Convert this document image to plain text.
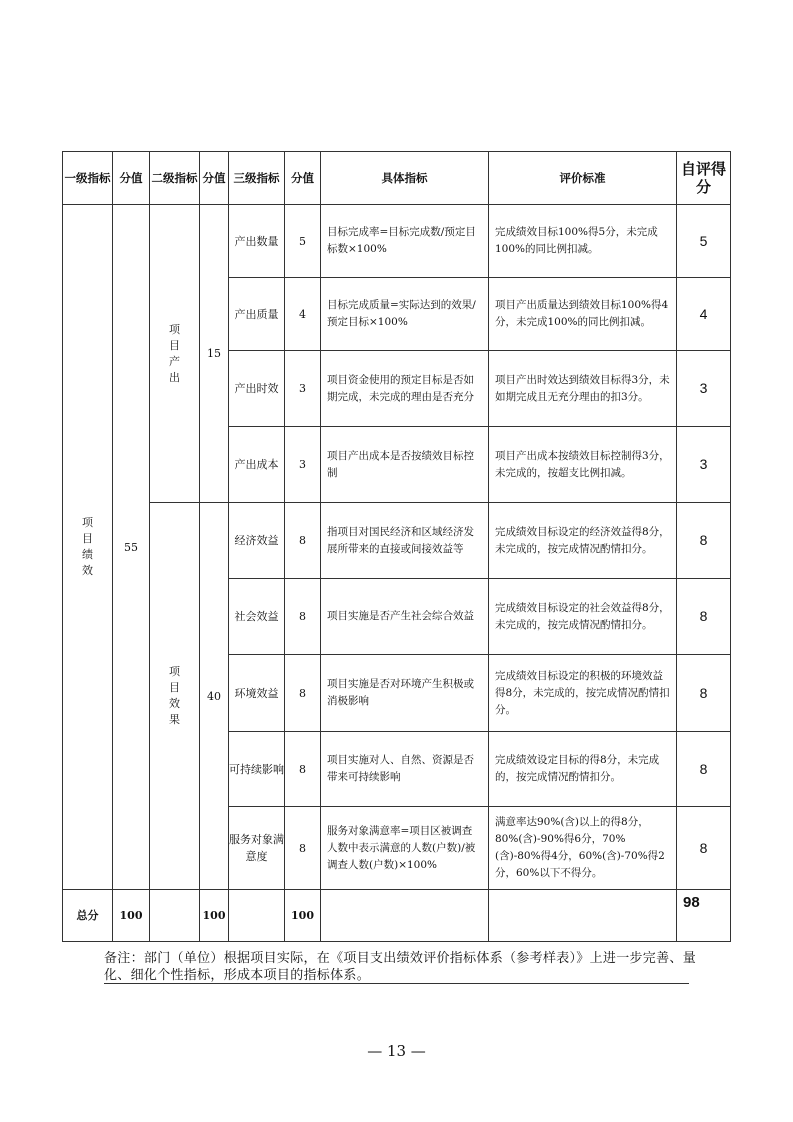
一级指标	分值	二级指标	分值	三级指标	分值	具体指标	评价标准	自评得分
项目绩效	55	项目产出	15	产出数量	5	目标完成率=目标完成数/预定目标数×100%	完成绩效目标100%得5分，未完成100%的同比例扣减。	5
				产出质量	4	目标完成质量=实际达到的效果/预定目标×100%	项目产出质量达到绩效目标100%得4分，未完成100%的同比例扣减。	4
				产出时效	3	项目资金使用的预定目标是否如期完成，未完成的理由是否充分	项目产出时效达到绩效目标得3分，未如期完成且无充分理由的扣3分。	3
				产出成本	3	项目产出成本是否按绩效目标控制	项目产出成本按绩效目标控制得3分，未完成的，按超支比例扣减。	3
		项目效果	40	经济效益	8	指项目对国民经济和区域经济发展所带来的直接或间接效益等	完成绩效目标设定的经济效益得8分，未完成的，按完成情况酌情扣分。	8
				社会效益	8	项目实施是否产生社会综合效益	完成绩效目标设定的社会效益得8分，未完成的，按完成情况酌情扣分。	8
				环境效益	8	项目实施是否对环境产生积极或消极影响	完成绩效目标设定的积极的环境效益得8分，未完成的，按完成情况酌情扣分。	8
				可持续影响	8	项目实施对人、自然、资源是否带来可持续影响	完成绩效设定目标的得8分，未完成的，按完成情况酌情扣分。	8
				服务对象满意度	8	服务对象满意率=项目区被调查人数中表示满意的人数(户数)/被调查人数(户数)×100%	满意率达90%(含)以上的得8分，80%(含)-90%得6分，70%(含)-80%得4分，60%(含)-70%得2分，60%以下不得分。	8
总分	100		100		100			98
备注：部门（单位）根据项目实际，在《项目支出绩效评价指标体系（参考样表）》上进一步完善、量化、细化个性指标，形成本项目的指标体系。
— 13 —
